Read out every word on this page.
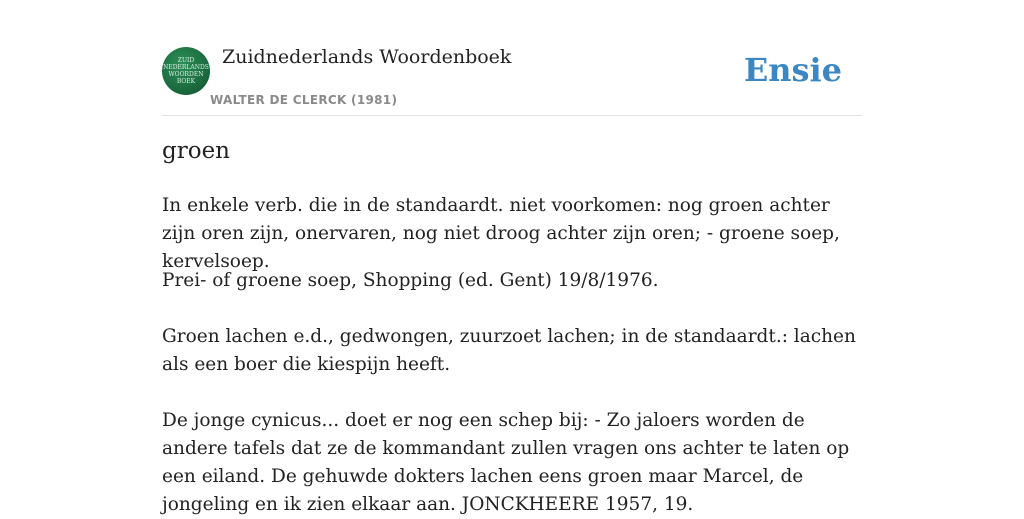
ZUID
NEDERLANDS
WOORDEN
BOEK
Zuidnederlands Woordenboek
WALTER DE CLERCK (1981)
Ensie
groen
In enkele verb. die in de standaardt. niet voorkomen: nog groen achter zijn oren zijn, onervaren, nog niet droog achter zijn oren; - groene soep, kervelsoep.
Prei- of groene soep, Shopping (ed. Gent) 19/8/1976.
Groen lachen e.d., gedwongen, zuurzoet lachen; in de standaardt.: lachen als een boer die kiespijn heeft.
De jonge cynicus... doet er nog een schep bij: - Zo jaloers worden de andere tafels dat ze de kommandant zullen vragen ons achter te laten op een eiland. De gehuwde dokters lachen eens groen maar Marcel, de jongeling en ik zien elkaar aan. JONCKHEERE 1957, 19.
